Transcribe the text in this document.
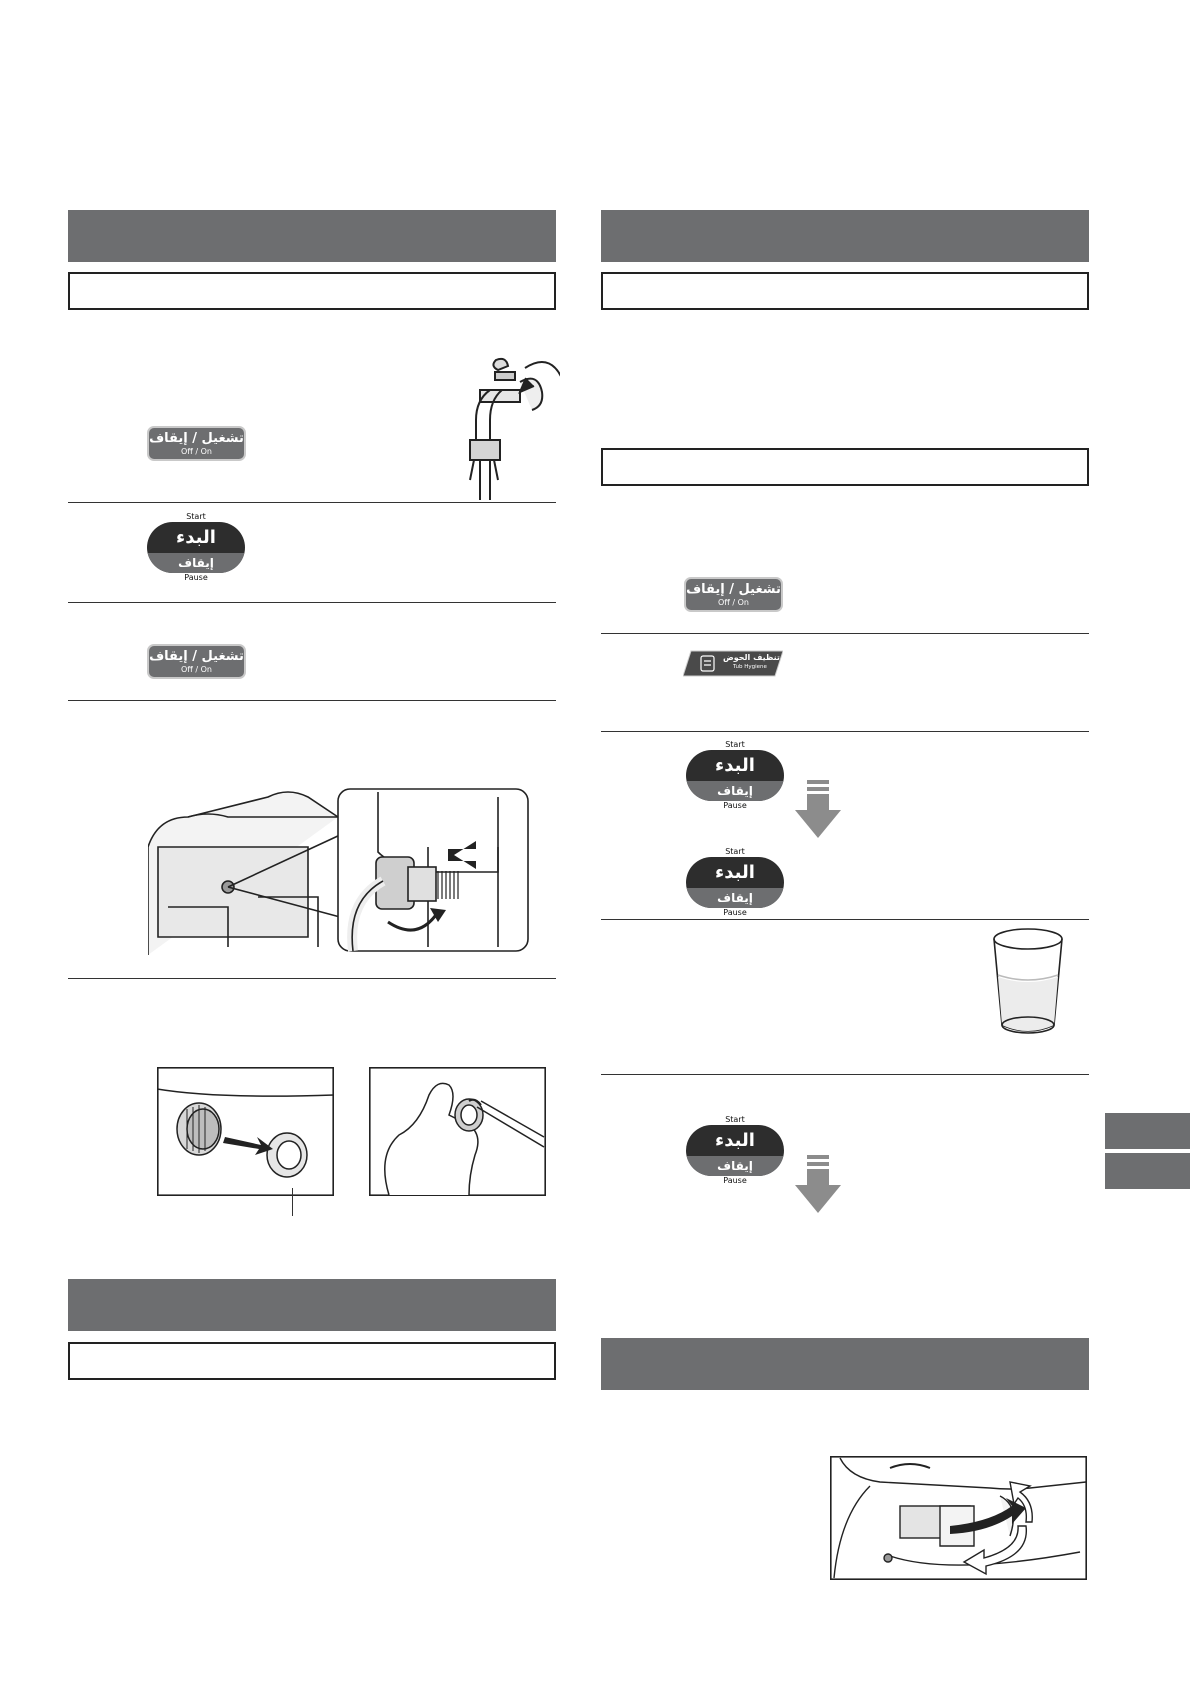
تشغيل / إيقاف
Off / On
Start
البدء
إيقاف
Pause
تشغيل / إيقاف
Off / On
تشغيل / إيقاف
Off / On
تنظيف الحوض
Tub Hygiene
Start
البدء
إيقاف
Pause
Start
البدء
إيقاف
Pause
Start
البدء
إيقاف
Pause
